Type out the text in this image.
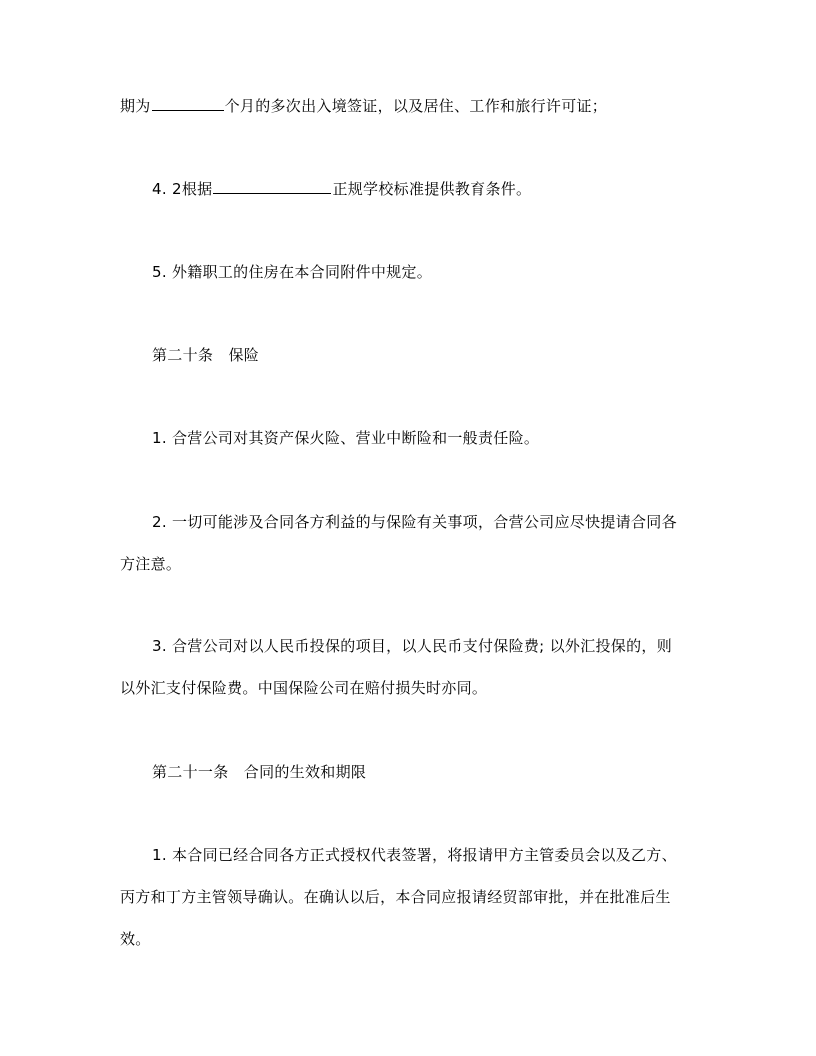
期为	个月的多次出入境签证，以及居住、工作和旅行许可证；
4. 2根据	正规学校标准提供教育条件。
5. 外籍职工的住房在本合同附件中规定。
第二十条　保险
1. 合营公司对其资产保火险、营业中断险和一般责任险。
2. 一切可能涉及合同各方利益的与保险有关事项，合营公司应尽快提请合同各
方注意。
3. 合营公司对以人民币投保的项目，以人民币支付保险费; 以外汇投保的，则
以外汇支付保险费。中国保险公司在赔付损失时亦同。
第二十一条　合同的生效和期限
1. 本合同已经合同各方正式授权代表签署，将报请甲方主管委员会以及乙方、
丙方和丁方主管领导确认。在确认以后，本合同应报请经贸部审批，并在批准后生
效。
